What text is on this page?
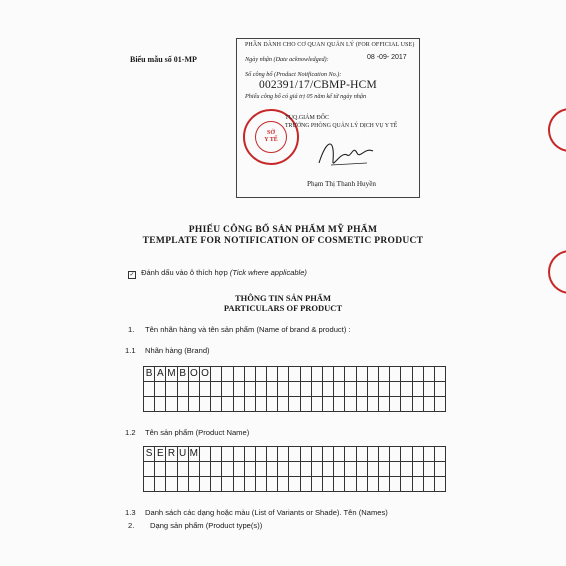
Biểu mẫu số 01-MP
PHẦN DÀNH CHO CƠ QUAN QUẢN LÝ (FOR OFFICIAL USE)
Ngày nhận (Date acknowledged):	08 -09- 2017
Số công bố (Product Notification No.):
002391/17/CBMP-HCM
Phiếu công bố có giá trị 05 năm kể từ ngày nhận
SỞ
Y TẾ
TUQ.GIÁM ĐỐC
TRƯỞNG PHÒNG QUẢN LÝ DỊCH VỤ Y TẾ
Phạm Thị Thanh Huyền
PHIẾU CÔNG BỐ SẢN PHẨM MỸ PHẨM
TEMPLATE FOR NOTIFICATION OF COSMETIC PRODUCT
✓ Đánh dấu vào ô thích hợp (Tick where applicable)
THÔNG TIN SẢN PHẨM
PARTICULARS OF PRODUCT
1. Tên nhãn hàng và tên sản phẩm (Name of brand & product) :
1.1 Nhãn hàng (Brand)
B	A	M	B	O	O																					

1.2 Tên sản phẩm (Product Name)
S	E	R	U	M																						

1.3 Danh sách các dạng hoặc màu (List of Variants or Shade). Tên (Names)
2. Dạng sản phẩm (Product type(s))
